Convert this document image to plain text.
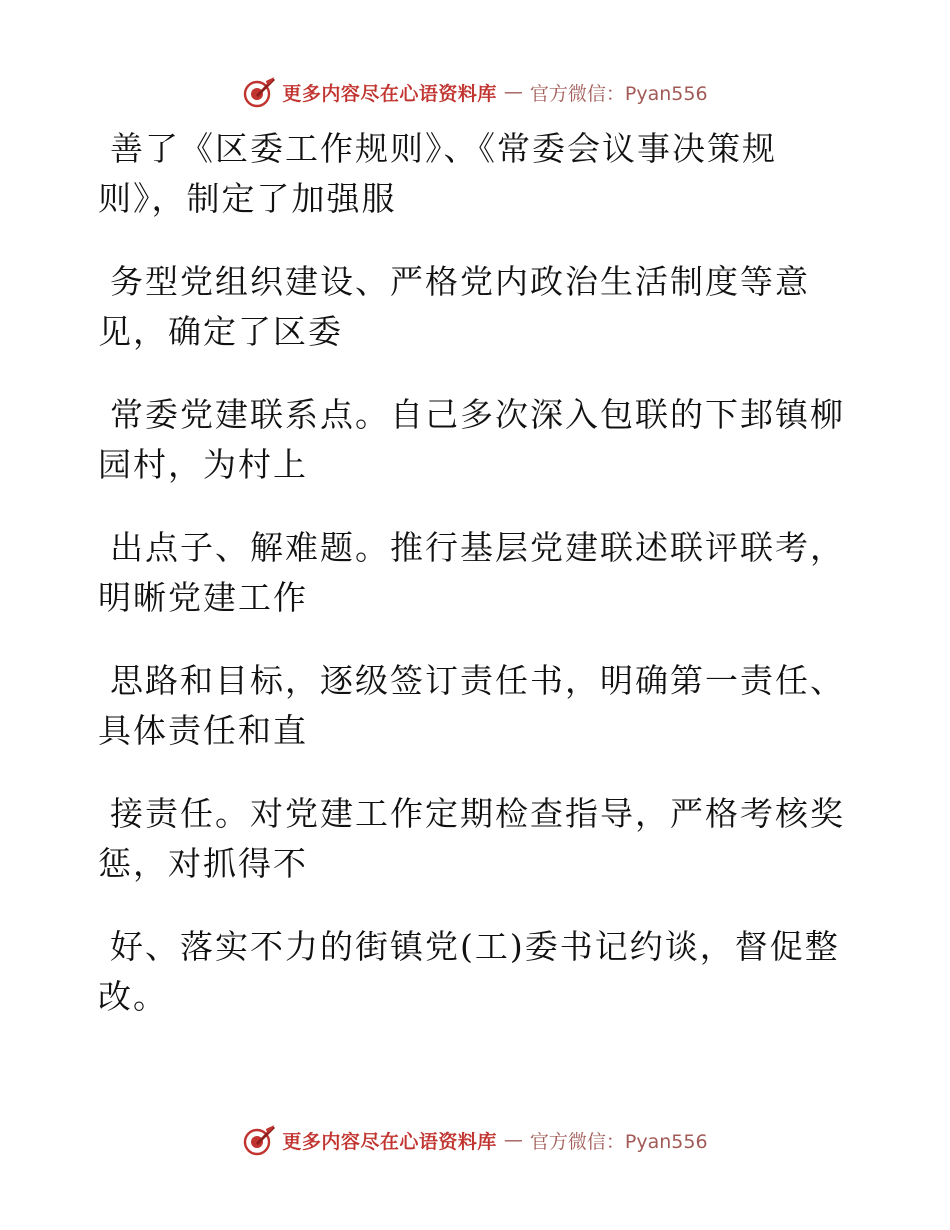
更多内容尽在心语资料库 — 官方微信：Pyan556

善了《区委工作规则》、《常委会议事决策规
则》，制定了加强服

务型党组织建设、严格党内政治生活制度等意
见，确定了区委

常委党建联系点。自己多次深入包联的下邽镇柳
园村，为村上

出点子、解难题。推行基层党建联述联评联考，
明晰党建工作

思路和目标，逐级签订责任书，明确第一责任、
具体责任和直

接责任。对党建工作定期检查指导，严格考核奖
惩，对抓得不

好、落实不力的街镇党(工)委书记约谈，督促整
改。

更多内容尽在心语资料库 — 官方微信：Pyan556
